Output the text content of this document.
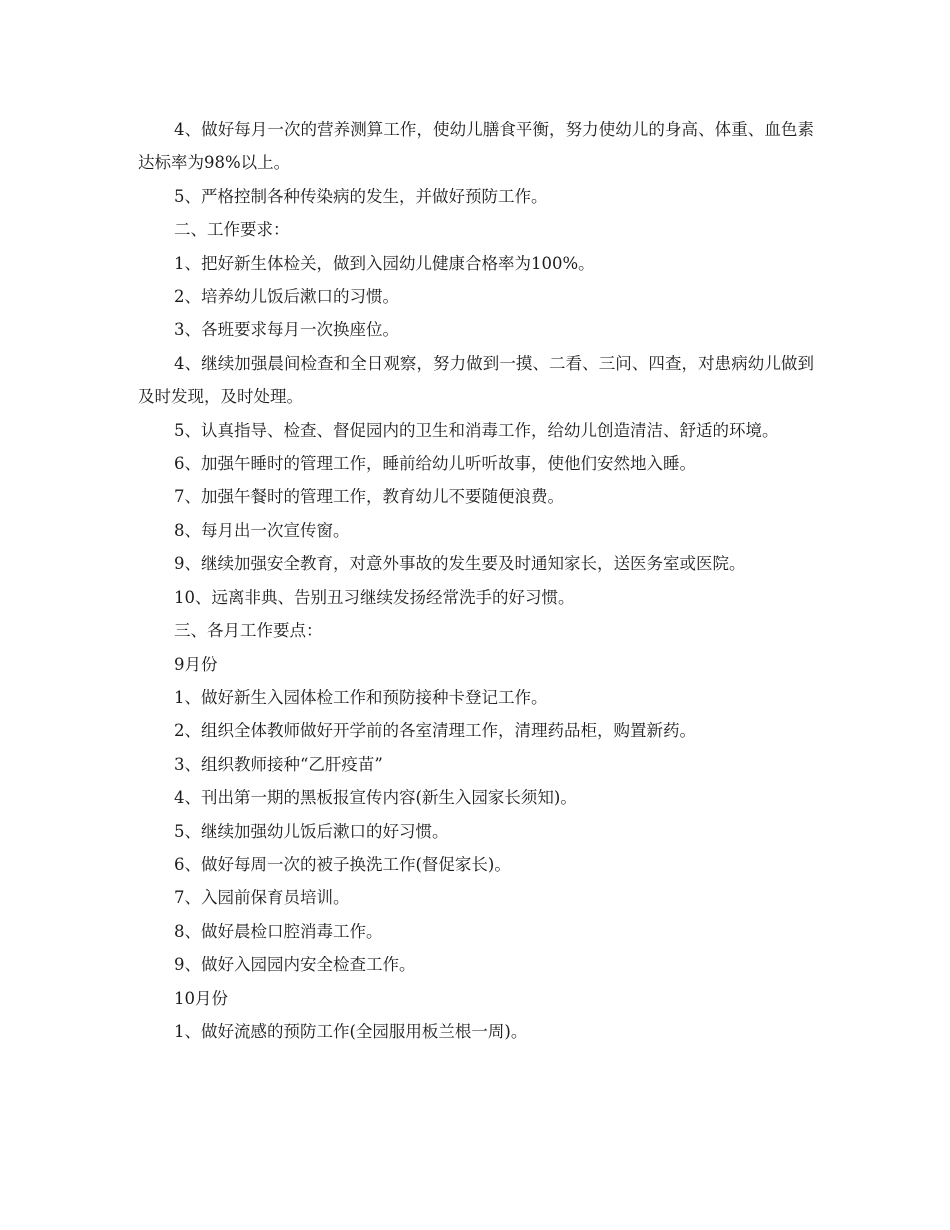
4、做好每月一次的营养测算工作，使幼儿膳食平衡，努力使幼儿的身高、体重、血色素达标率为98%以上。

5、严格控制各种传染病的发生，并做好预防工作。

二、工作要求：

1、把好新生体检关，做到入园幼儿健康合格率为100%。

2、培养幼儿饭后漱口的习惯。

3、各班要求每月一次换座位。

4、继续加强晨间检查和全日观察，努力做到一摸、二看、三问、四查，对患病幼儿做到及时发现，及时处理。

5、认真指导、检查、督促园内的卫生和消毒工作，给幼儿创造清洁、舒适的环境。

6、加强午睡时的管理工作，睡前给幼儿听听故事，使他们安然地入睡。

7、加强午餐时的管理工作，教育幼儿不要随便浪费。

8、每月出一次宣传窗。

9、继续加强安全教育，对意外事故的发生要及时通知家长，送医务室或医院。

10、远离非典、告别丑习继续发扬经常洗手的好习惯。

三、各月工作要点：

9月份

1、做好新生入园体检工作和预防接种卡登记工作。

2、组织全体教师做好开学前的各室清理工作，清理药品柜，购置新药。

3、组织教师接种“乙肝疫苗”

4、刊出第一期的黑板报宣传内容(新生入园家长须知)。

5、继续加强幼儿饭后漱口的好习惯。

6、做好每周一次的被子换洗工作(督促家长)。

7、入园前保育员培训。

8、做好晨检口腔消毒工作。

9、做好入园园内安全检查工作。

10月份

1、做好流感的预防工作(全园服用板兰根一周)。
